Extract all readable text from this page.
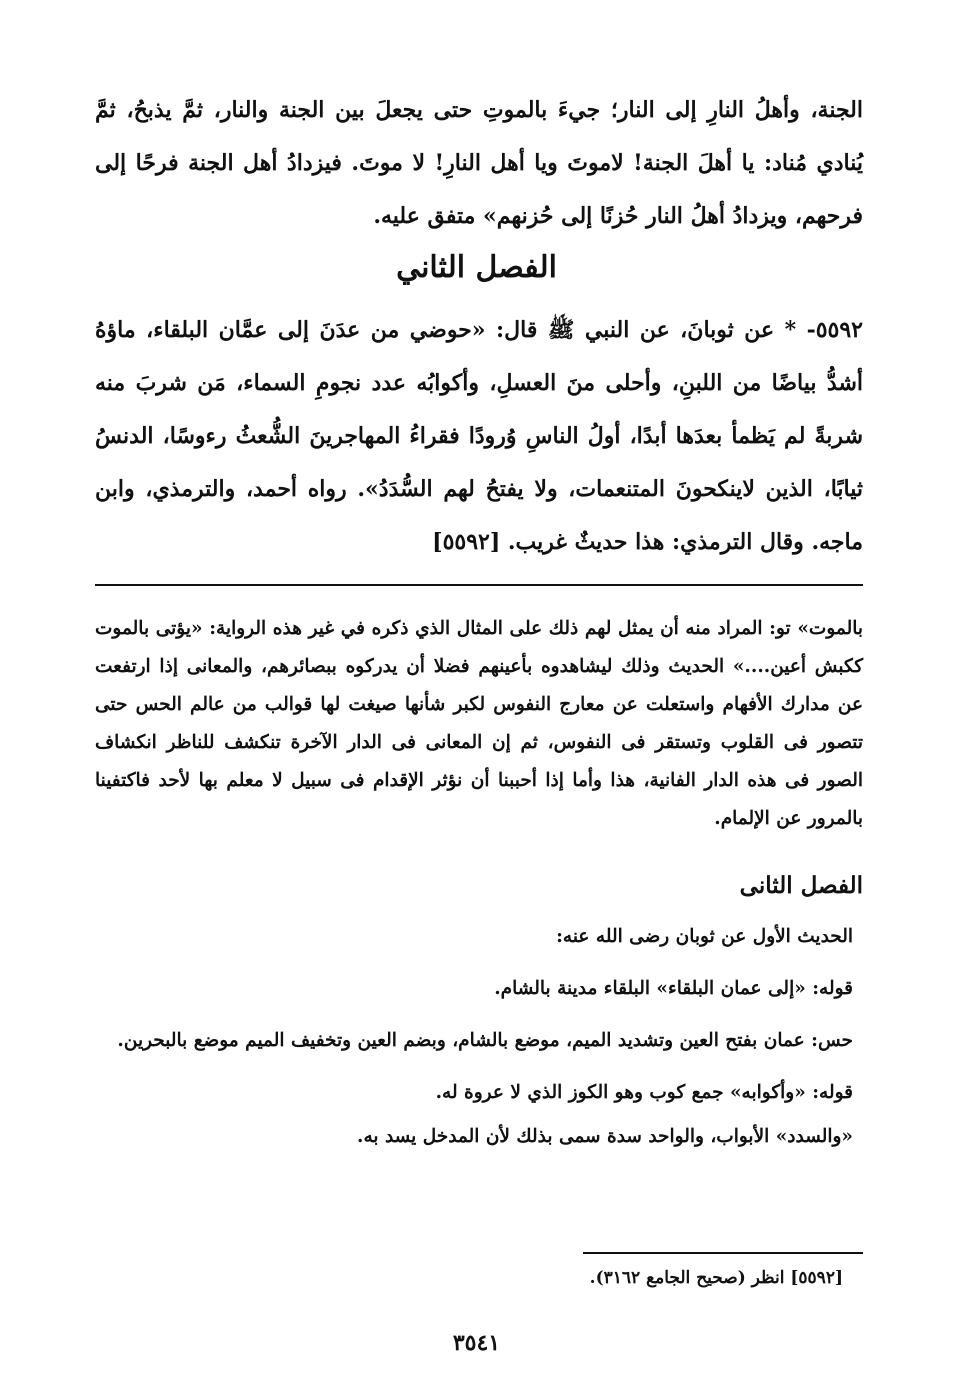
الجنة، وأهلُ النارِ إلى النار؛ جيءَ بالموتِ حتى يجعلَ بين الجنة والنار، ثمَّ يذبحُ، ثمَّ يُنادي مُناد: يا أهلَ الجنة! لاموتَ ويا أهل النارِ! لا موتَ. فيزدادُ أهل الجنة فرحًا إلى فرحهم، ويزدادُ أهلُ النار حُزنًا إلى حُزنهم» متفق عليه.

الفصل الثاني

٥٥٩٢- * عن ثوبانَ، عن النبي ﷺ قال: «حوضي من عدَنَ إلى عمَّان البلقاء، ماؤهُ أشدُّ بياضًا من اللبنِ، وأحلى منَ العسلِ، وأكوابُه عدد نجومِ السماء، مَن شربَ منه شربةً لم يَظمأ بعدَها أبدًا، أولُ الناسِ وُرودًا فقراءُ المهاجرينَ الشُّعثُ رءوسًا، الدنسُ ثيابًا، الذين لاينكحونَ المتنعمات، ولا يفتحُ لهم السُّدَدُ». رواه أحمد، والترمذي، وابن ماجه. وقال الترمذي: هذا حديثٌ غريب. [٥٥٩٢]

بالموت» تو: المراد منه أن يمثل لهم ذلك على المثال الذي ذكره في غير هذه الرواية: «يؤتى بالموت ككبش أعين....» الحديث وذلك ليشاهدوه بأعينهم فضلا أن يدركوه ببصائرهم، والمعانى إذا ارتفعت عن مدارك الأفهام واستعلت عن معارج النفوس لكبر شأنها صيغت لها قوالب من عالم الحس حتى تتصور فى القلوب وتستقر فى النفوس، ثم إن المعانى فى الدار الآخرة تنكشف للناظر انكشاف الصور فى هذه الدار الفانية، هذا وأما إذا أحببنا أن نؤثر الإقدام فى سبيل لا معلم بها لأحد فاكتفينا بالمرور عن الإلمام.

الفصل الثانى

الحديث الأول عن ثوبان رضى الله عنه:

قوله: «إلى عمان البلقاء» البلقاء مدينة بالشام.

حس: عمان بفتح العين وتشديد الميم، موضع بالشام، وبضم العين وتخفيف الميم موضع بالبحرين.

قوله: «وأكوابه» جمع كوب وهو الكوز الذي لا عروة له.

«والسدد» الأبواب، والواحد سدة سمى بذلك لأن المدخل يسد به.

[٥٥٩٢] انظر (صحيح الجامع ٣١٦٢).
٣٥٤١
